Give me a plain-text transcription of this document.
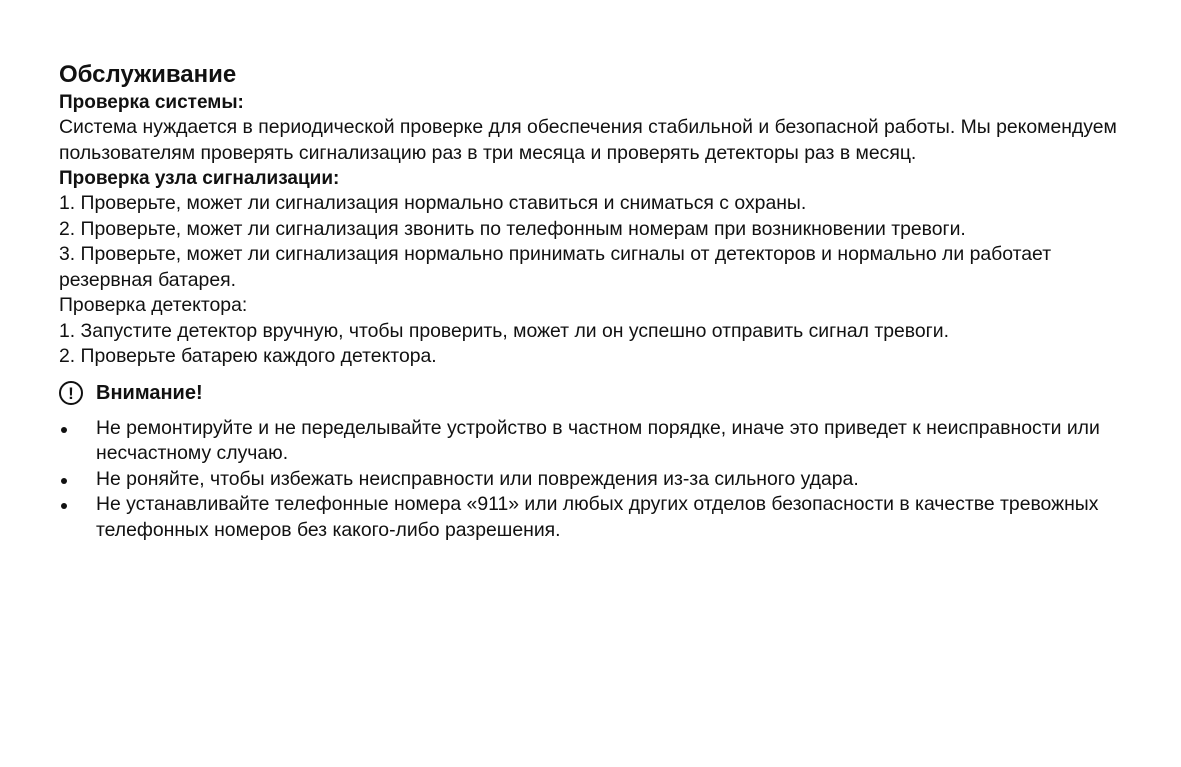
Обслуживание
Проверка системы:

Система нуждается в периодической проверке для обеспечения стабильной и безопасной работы. Мы рекомендуем пользователям проверять сигнализацию раз в три месяца и проверять детекторы раз в месяц.

Проверка узла сигнализации:

1. Проверьте, может ли сигнализация нормально ставиться и сниматься с охраны.

2. Проверьте, может ли сигнализация звонить по телефонным номерам при возникновении тревоги.

3. Проверьте, может ли сигнализация нормально принимать сигналы от детекторов и нормально ли работает резервная батарея.

Проверка детектора:

1. Запустите детектор вручную, чтобы проверить, может ли он успешно отправить сигнал тревоги.

2. Проверьте батарею каждого детектора.

!	Внимание!
Не ремонтируйте и не переделывайте устройство в частном порядке, иначе это приведет к неисправности или несчастному случаю.
Не роняйте, чтобы избежать неисправности или повреждения из-за сильного удара.
Не устанавливайте телефонные номера «911» или любых других отделов безопасности в качестве тревожных телефонных номеров без какого-либо разрешения.
